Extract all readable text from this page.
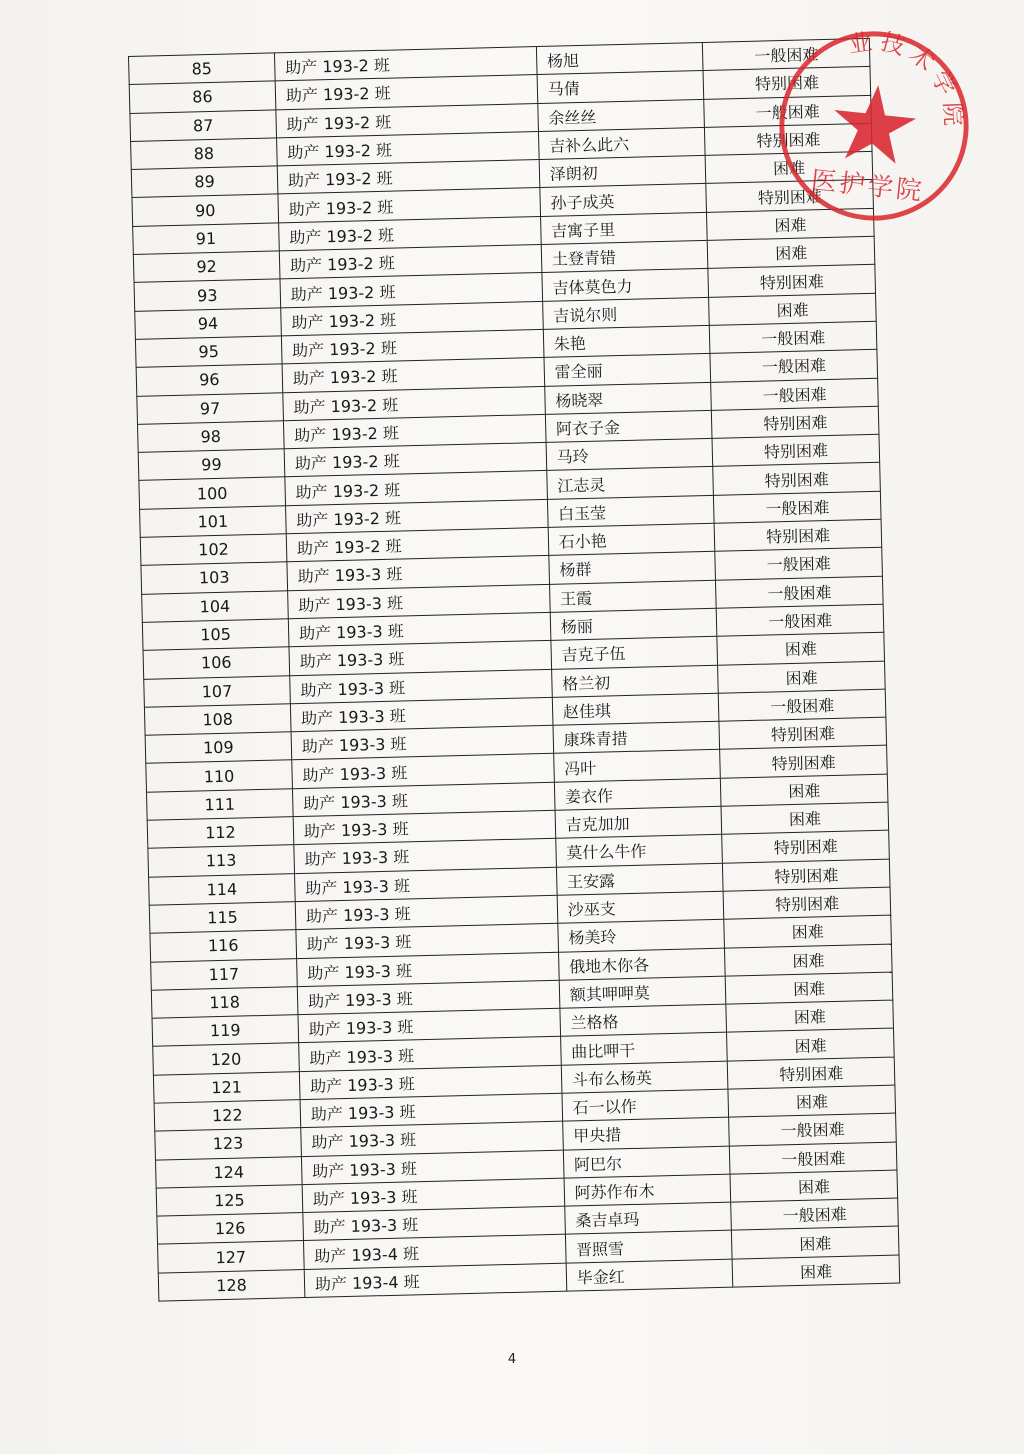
85	助产 193-2 班	杨旭	一般困难
86	助产 193-2 班	马倩	特别困难
87	助产 193-2 班	余丝丝	一般困难
88	助产 193-2 班	吉补么此六	特别困难
89	助产 193-2 班	泽朗初	困难
90	助产 193-2 班	孙子成英	特别困难
91	助产 193-2 班	吉寓子里	困难
92	助产 193-2 班	土登青错	困难
93	助产 193-2 班	吉体莫色力	特别困难
94	助产 193-2 班	吉说尔则	困难
95	助产 193-2 班	朱艳	一般困难
96	助产 193-2 班	雷全丽	一般困难
97	助产 193-2 班	杨晓翠	一般困难
98	助产 193-2 班	阿衣子金	特别困难
99	助产 193-2 班	马玲	特别困难
100	助产 193-2 班	江志灵	特别困难
101	助产 193-2 班	白玉莹	一般困难
102	助产 193-2 班	石小艳	特别困难
103	助产 193-3 班	杨群	一般困难
104	助产 193-3 班	王霞	一般困难
105	助产 193-3 班	杨丽	一般困难
106	助产 193-3 班	吉克子伍	困难
107	助产 193-3 班	格兰初	困难
108	助产 193-3 班	赵佳琪	一般困难
109	助产 193-3 班	康珠青措	特别困难
110	助产 193-3 班	冯叶	特别困难
111	助产 193-3 班	姜衣作	困难
112	助产 193-3 班	吉克加加	困难
113	助产 193-3 班	莫什么牛作	特别困难
114	助产 193-3 班	王安露	特别困难
115	助产 193-3 班	沙巫支	特别困难
116	助产 193-3 班	杨美玲	困难
117	助产 193-3 班	俄地木你各	困难
118	助产 193-3 班	额其呷呷莫	困难
119	助产 193-3 班	兰格格	困难
120	助产 193-3 班	曲比呷干	困难
121	助产 193-3 班	斗布么杨英	特别困难
122	助产 193-3 班	石一以作	困难
123	助产 193-3 班	甲央措	一般困难
124	助产 193-3 班	阿巴尔	一般困难
125	助产 193-3 班	阿苏作布木	困难
126	助产 193-3 班	桑吉卓玛	一般困难
127	助产 193-4 班	晋照雪	困难
128	助产 193-4 班	毕金红	困难
业技术学院
医护学院
4
